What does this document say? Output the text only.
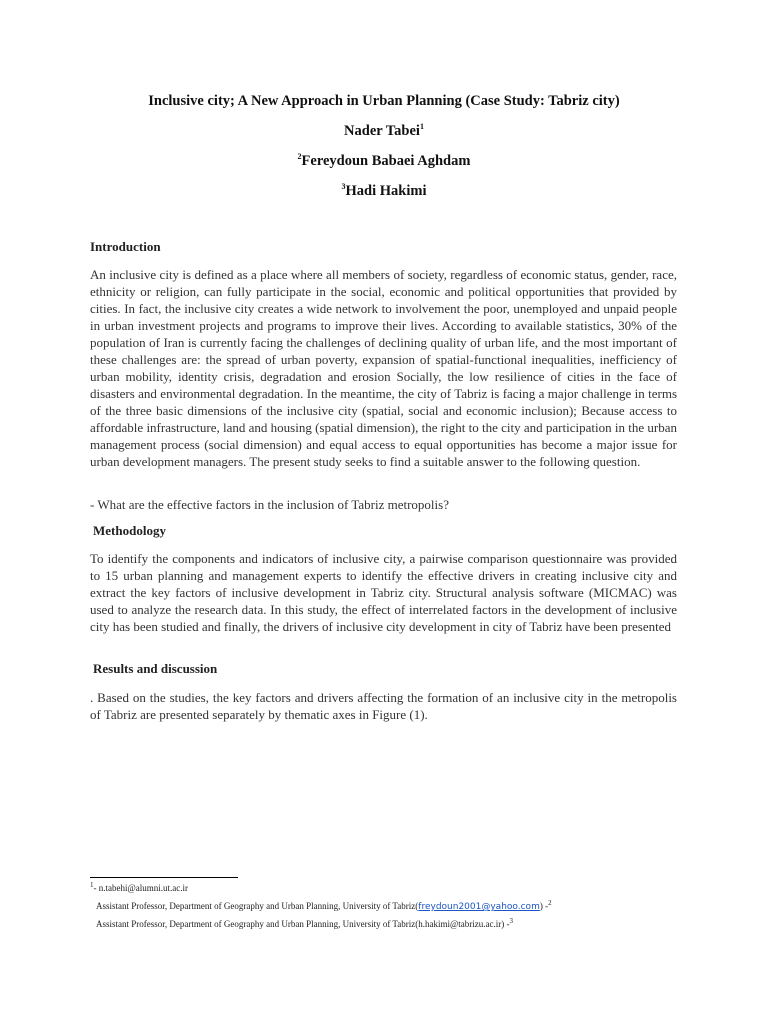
Inclusive city; A New Approach in Urban Planning (Case Study: Tabriz city)
Nader Tabei$^1$
$^2$Fereydoun Babaei Aghdam
$^3$Hadi Hakimi
Introduction
An inclusive city is defined as a place where all members of society, regardless of economic status, gender, race, ethnicity or religion, can fully participate in the social, economic and political opportunities that provided by cities. In fact, the inclusive city creates a wide network to involvement the poor, unemployed and unpaid people in urban investment projects and programs to improve their lives. According to available statistics, 30% of the population of Iran is currently facing the challenges of declining quality of urban life, and the most important of these challenges are: the spread of urban poverty, expansion of spatial-functional inequalities, inefficiency of urban mobility, identity crisis, degradation and erosion Socially, the low resilience of cities in the face of disasters and environmental degradation. In the meantime, the city of Tabriz is facing a major challenge in terms of the three basic dimensions of the inclusive city (spatial, social and economic inclusion); Because access to affordable infrastructure, land and housing (spatial dimension), the right to the city and participation in the urban management process (social dimension) and equal access to equal opportunities has become a major issue for urban development managers. The present study seeks to find a suitable answer to the following question.
- What are the effective factors in the inclusion of Tabriz metropolis?
Methodology
To identify the components and indicators of inclusive city, a pairwise comparison questionnaire was provided to 15 urban planning and management experts to identify the effective drivers in creating inclusive city and extract the key factors of inclusive development in Tabriz city. Structural analysis software (MICMAC) was used to analyze the research data. In this study, the effect of interrelated factors in the development of inclusive city has been studied and finally, the drivers of inclusive city development in city of Tabriz have been presented
Results and discussion
. Based on the studies, the key factors and drivers affecting the formation of an inclusive city in the metropolis of Tabriz are presented separately by thematic axes in Figure (1).
$^1$- n.tabehi@alumni.ut.ac.ir
Assistant Professor, Department of Geography and Urban Planning, University of Tabriz(freydoun2001@yahoo.com) -$^2$
Assistant Professor, Department of Geography and Urban Planning, University of Tabriz(h.hakimi@tabrizu.ac.ir) -$^3$
